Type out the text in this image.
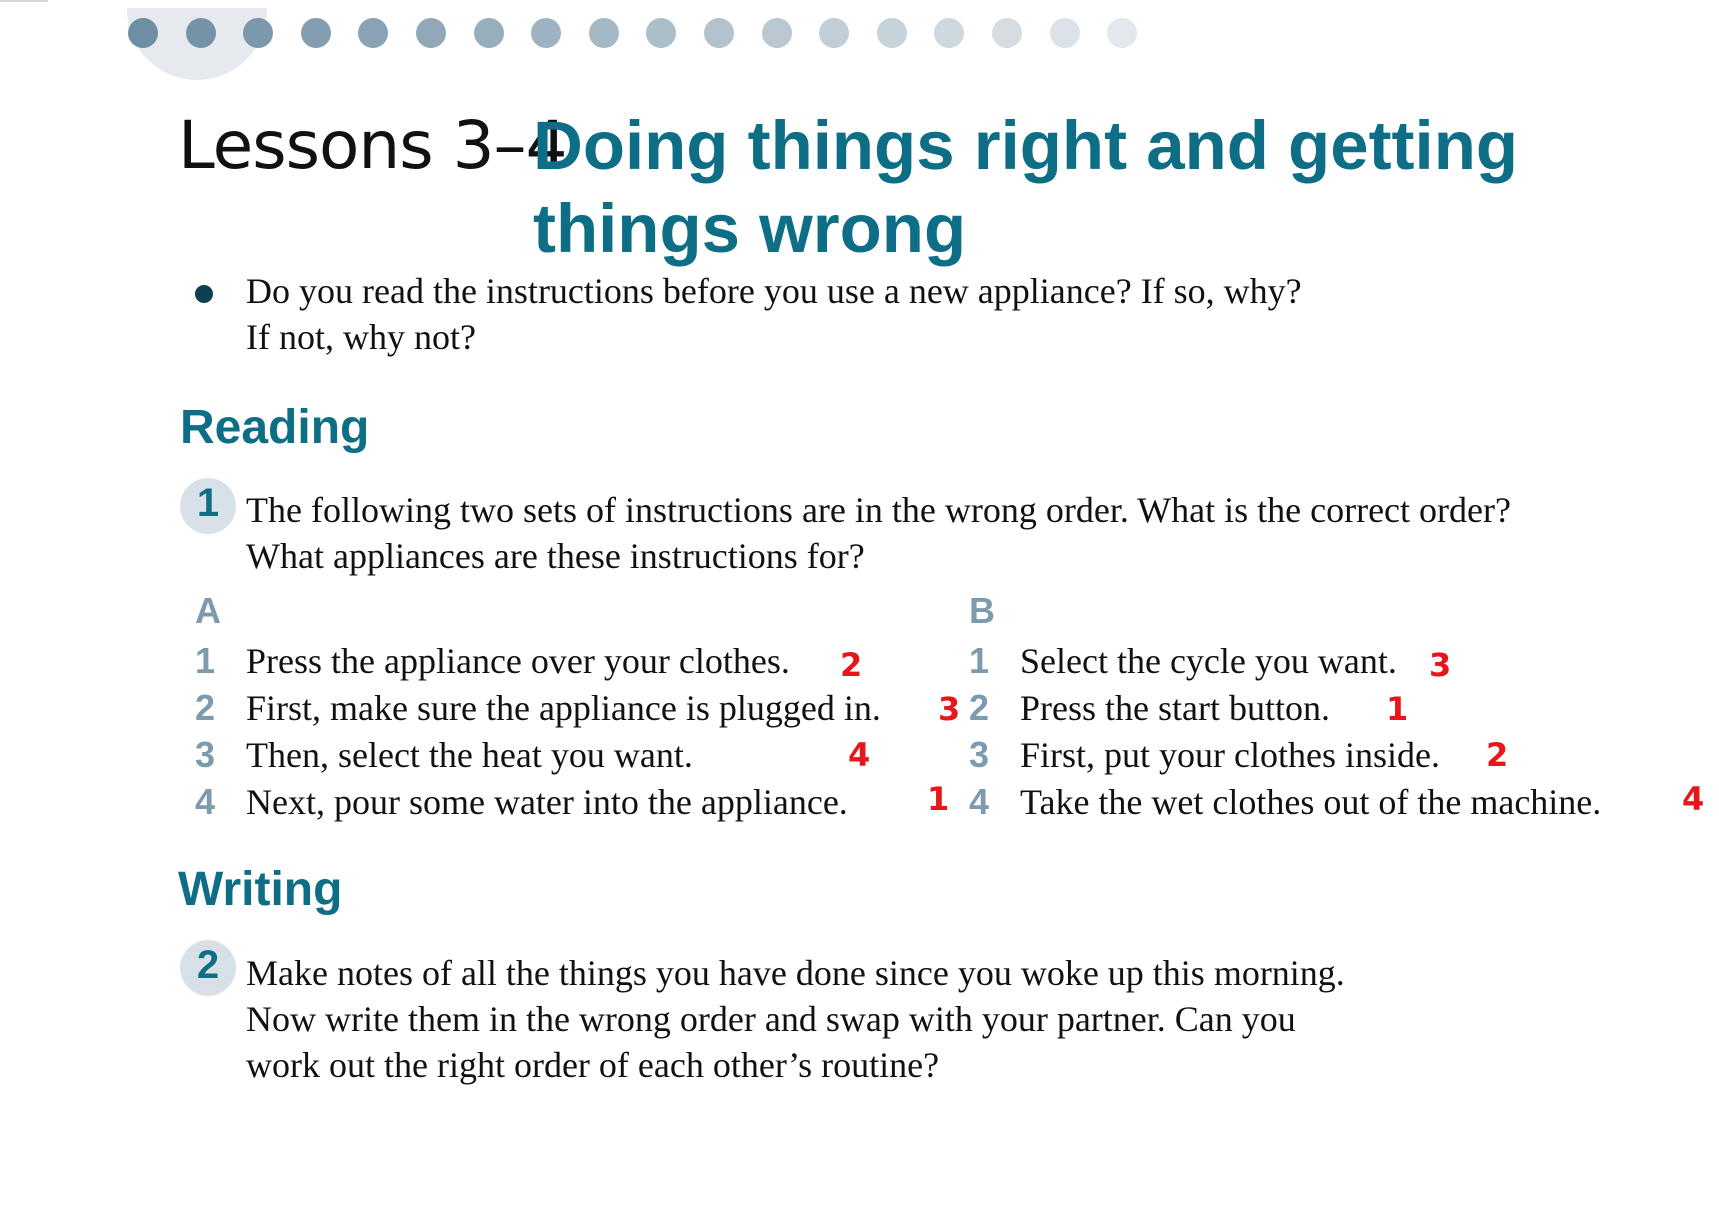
Lessons 3–4
Doing things right and getting
things wrong
Do you read the instructions before you use a new appliance? If so, why?
If not, why not?
Reading
1 The following two sets of instructions are in the wrong order. What is the correct order?
What appliances are these instructions for?
A	B
1 Press the appliance over your clothes. 2
2 First, make sure the appliance is plugged in. 3
3 Then, select the heat you want.	4
4 Next, pour some water into the appliance. 1
1 Select the cycle you want. 3
2 Press the start button. 1
3 First, put your clothes inside. 2
4 Take the wet clothes out of the machine.	4
Writing
2 Make notes of all the things you have done since you woke up this morning.
Now write them in the wrong order and swap with your partner. Can you
work out the right order of each other’s routine?
